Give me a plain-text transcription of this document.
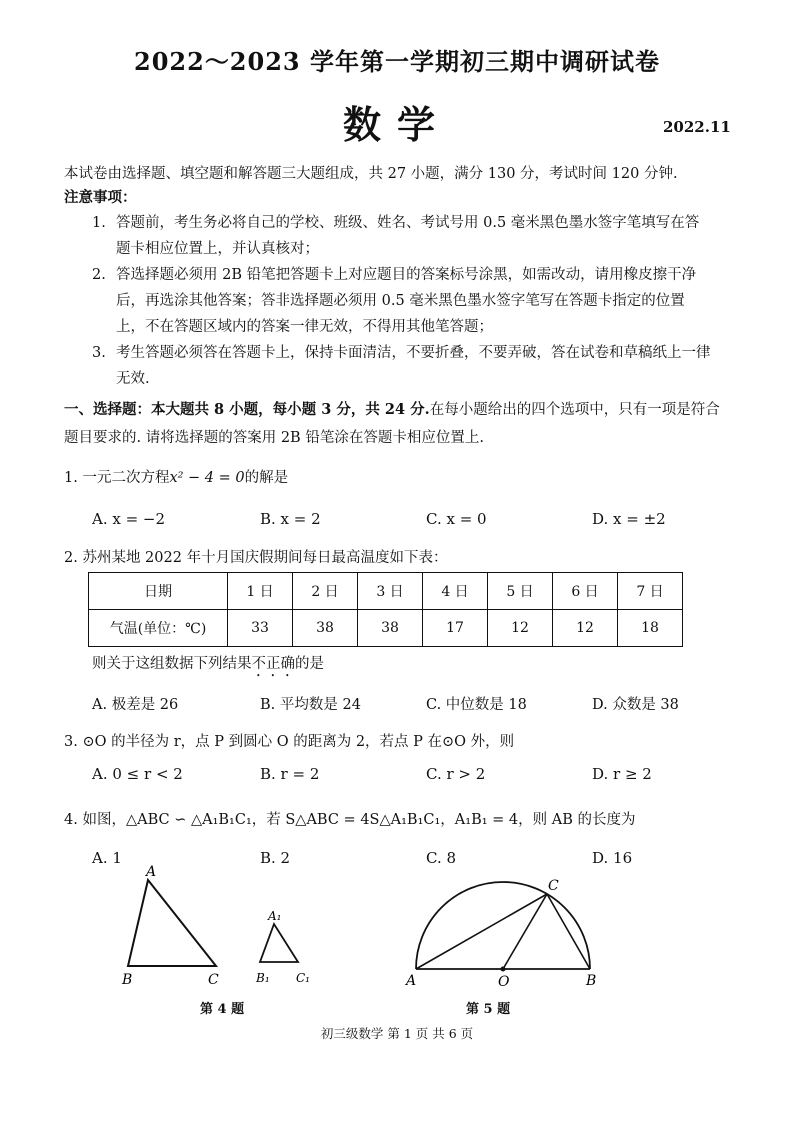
2022～2023 学年第一学期初三期中调研试卷
数学	2022.11
本试卷由选择题、填空题和解答题三大题组成，共 27 小题，满分 130 分，考试时间 120 分钟.
注意事项：
1. 答题前，考生务必将自己的学校、班级、姓名、考试号用 0.5 毫米黑色墨水签字笔填写在答题卡相应位置上，并认真核对；
2. 答选择题必须用 2B 铅笔把答题卡上对应题目的答案标号涂黑，如需改动，请用橡皮擦干净后，再选涂其他答案；答非选择题必须用 0.5 毫米黑色墨水签字笔写在答题卡指定的位置上，不在答题区域内的答案一律无效，不得用其他笔答题；
3. 考生答题必须答在答题卡上，保持卡面清洁，不要折叠，不要弄破，答在试卷和草稿纸上一律无效.
一、选择题：本大题共 8 小题，每小题 3 分，共 24 分.在每小题给出的四个选项中，只有一项是符合题目要求的. 请将选择题的答案用 2B 铅笔涂在答题卡相应位置上.
1. 一元二次方程x² − 4 = 0的解是
A. x = −2	B. x = 2	C. x = 0	D. x = ±2
2. 苏州某地 2022 年十月国庆假期间每日最高温度如下表：
日期	1 日	2 日	3 日	4 日	5 日	6 日	7 日
气温(单位：℃)	33	38	38	17	12	12	18
则关于这组数据下列结果不正确的是
A. 极差是 26	B. 平均数是 24	C. 中位数是 18	D. 众数是 38
3. ⊙O 的半径为 r，点 P 到圆心 O 的距离为 2，若点 P 在⊙O 外，则
A. 0 ≤ r < 2	B. r = 2	C. r > 2	D. r ≥ 2
4. 如图，△ABC ∽ △A₁B₁C₁，若 S△ABC = 4S△A₁B₁C₁，A₁B₁ = 4，则 AB 的长度为
A. 1	B. 2	C. 8	D. 16
A
B	C
A₁
B₁ C₁
第 4 题
A	O	B
C
第 5 题
初三级数学 第 1 页 共 6 页
